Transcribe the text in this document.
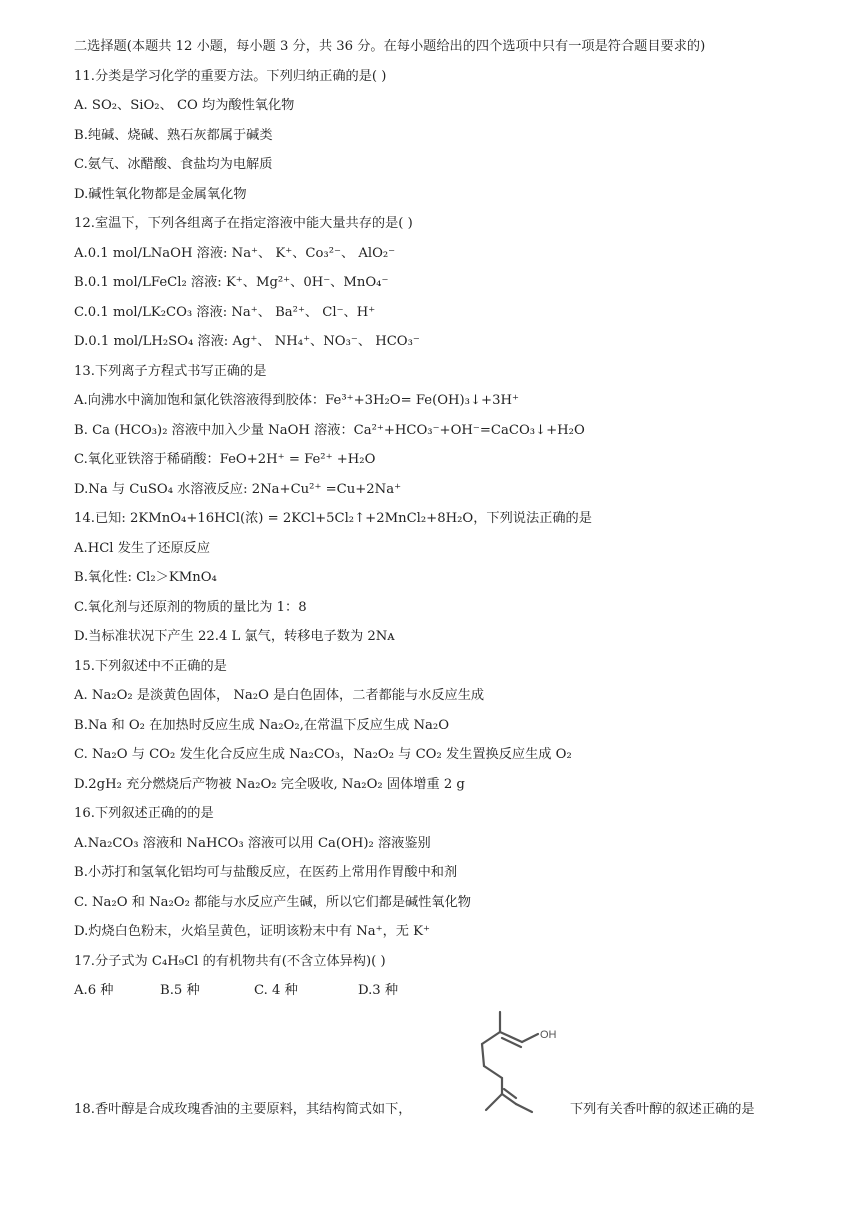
二选择题(本题共 12 小题，每小题 3 分，共 36 分。在每小题给出的四个选项中只有一项是符合题目要求的)
11.分类是学习化学的重要方法。下列归纳正确的是( )
A. SO₂、SiO₂、 CO 均为酸性氧化物
B.纯碱、烧碱、熟石灰都属于碱类
C.氨气、冰醋酸、食盐均为电解质
D.碱性氧化物都是金属氧化物
12.室温下，下列各组离子在指定溶液中能大量共存的是( )
A.0.1 mol/LNaOH 溶液: Na⁺、 K⁺、Co₃²⁻、 AlO₂⁻
B.0.1 mol/LFeCl₂ 溶液: K⁺、Mg²⁺、0H⁻、MnO₄⁻
C.0.1 mol/LK₂CO₃ 溶液: Na⁺、 Ba²⁺、 Cl⁻、H⁺
D.0.1 mol/LH₂SO₄ 溶液: Ag⁺、 NH₄⁺、NO₃⁻、 HCO₃⁻
13.下列离子方程式书写正确的是
A.向沸水中滴加饱和氯化铁溶液得到胶体：Fe³⁺+3H₂O= Fe(OH)₃↓+3H⁺
B. Ca (HCO₃)₂ 溶液中加入少量 NaOH 溶液：Ca²⁺+HCO₃⁻+OH⁻=CaCO₃↓+H₂O
C.氧化亚铁溶于稀硝酸：FeO+2H⁺ = Fe²⁺ +H₂O
D.Na 与 CuSO₄ 水溶液反应: 2Na+Cu²⁺ =Cu+2Na⁺
14.已知: 2KMnO₄+16HCl(浓) = 2KCl+5Cl₂↑+2MnCl₂+8H₂O，下列说法正确的是
A.HCl 发生了还原反应
B.氧化性: Cl₂＞KMnO₄
C.氧化剂与还原剂的物质的量比为 1：8
D.当标准状况下产生 22.4 L 氯气，转移电子数为 2Nᴀ
15.下列叙述中不正确的是
A. Na₂O₂ 是淡黄色固体， Na₂O 是白色固体，二者都能与水反应生成
B.Na 和 O₂ 在加热时反应生成 Na₂O₂,在常温下反应生成 Na₂O
C. Na₂O 与 CO₂ 发生化合反应生成 Na₂CO₃，Na₂O₂ 与 CO₂ 发生置换反应生成 O₂
D.2gH₂ 充分燃烧后产物被 Na₂O₂ 完全吸收, Na₂O₂ 固体增重 2 g
16.下列叙述正确的的是
A.Na₂CO₃ 溶液和 NaHCO₃ 溶液可以用 Ca(OH)₂ 溶液鉴别
B.小苏打和氢氧化铝均可与盐酸反应，在医药上常用作胃酸中和剂
C. Na₂O 和 Na₂O₂ 都能与水反应产生碱，所以它们都是碱性氧化物
D.灼烧白色粉末，火焰呈黄色，证明该粉末中有 Na⁺，无 K⁺
17.分子式为 C₄H₉Cl 的有机物共有(不含立体异构)( )
A.6 种	B.5 种	C. 4 种	D.3 种
18.香叶醇是合成玫瑰香油的主要原料，其结构简式如下，
OH
下列有关香叶醇的叙述正确的是
